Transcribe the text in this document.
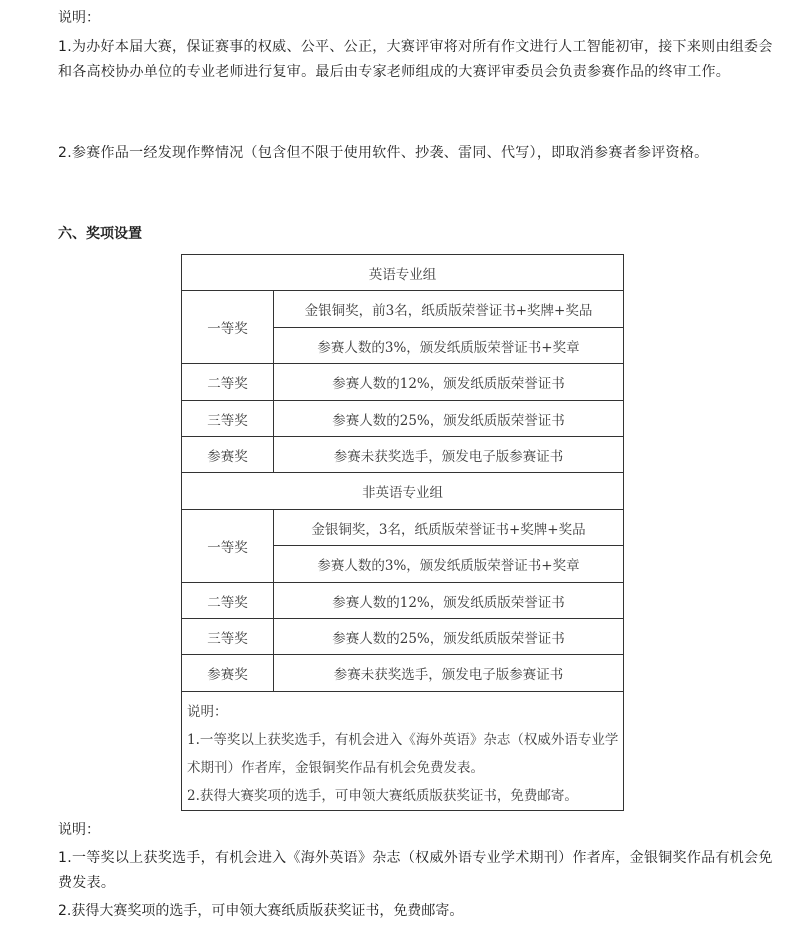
说明：

1.为办好本届大赛，保证赛事的权威、公平、公正，大赛评审将对所有作文进行人工智能初审，接下来则由组委会和各高校协办单位的专业老师进行复审。最后由专家老师组成的大赛评审委员会负责参赛作品的终审工作。

2.参赛作品一经发现作弊情况（包含但不限于使用软件、抄袭、雷同、代写），即取消参赛者参评资格。

六、奖项设置
英语专业组	
一等奖	金银铜奖，前3名，纸质版荣誉证书+奖牌+奖品
	参赛人数的3%，颁发纸质版荣誉证书+奖章
二等奖	参赛人数的12%，颁发纸质版荣誉证书
三等奖	参赛人数的25%，颁发纸质版荣誉证书
参赛奖	参赛未获奖选手，颁发电子版参赛证书
非英语专业组	
一等奖	金银铜奖，3名，纸质版荣誉证书+奖牌+奖品
	参赛人数的3%，颁发纸质版荣誉证书+奖章
二等奖	参赛人数的12%，颁发纸质版荣誉证书
三等奖	参赛人数的25%，颁发纸质版荣誉证书
参赛奖	参赛未获奖选手，颁发电子版参赛证书

说明：
1.一等奖以上获奖选手，有机会进入《海外英语》杂志（权威外语专业学术期刊）作者库，金银铜奖作品有机会免费发表。
2.获得大赛奖项的选手，可申领大赛纸质版获奖证书，免费邮寄。	

说明：

1.一等奖以上获奖选手，有机会进入《海外英语》杂志（权威外语专业学术期刊）作者库，金银铜奖作品有机会免费发表。

2.获得大赛奖项的选手，可申领大赛纸质版获奖证书，免费邮寄。
